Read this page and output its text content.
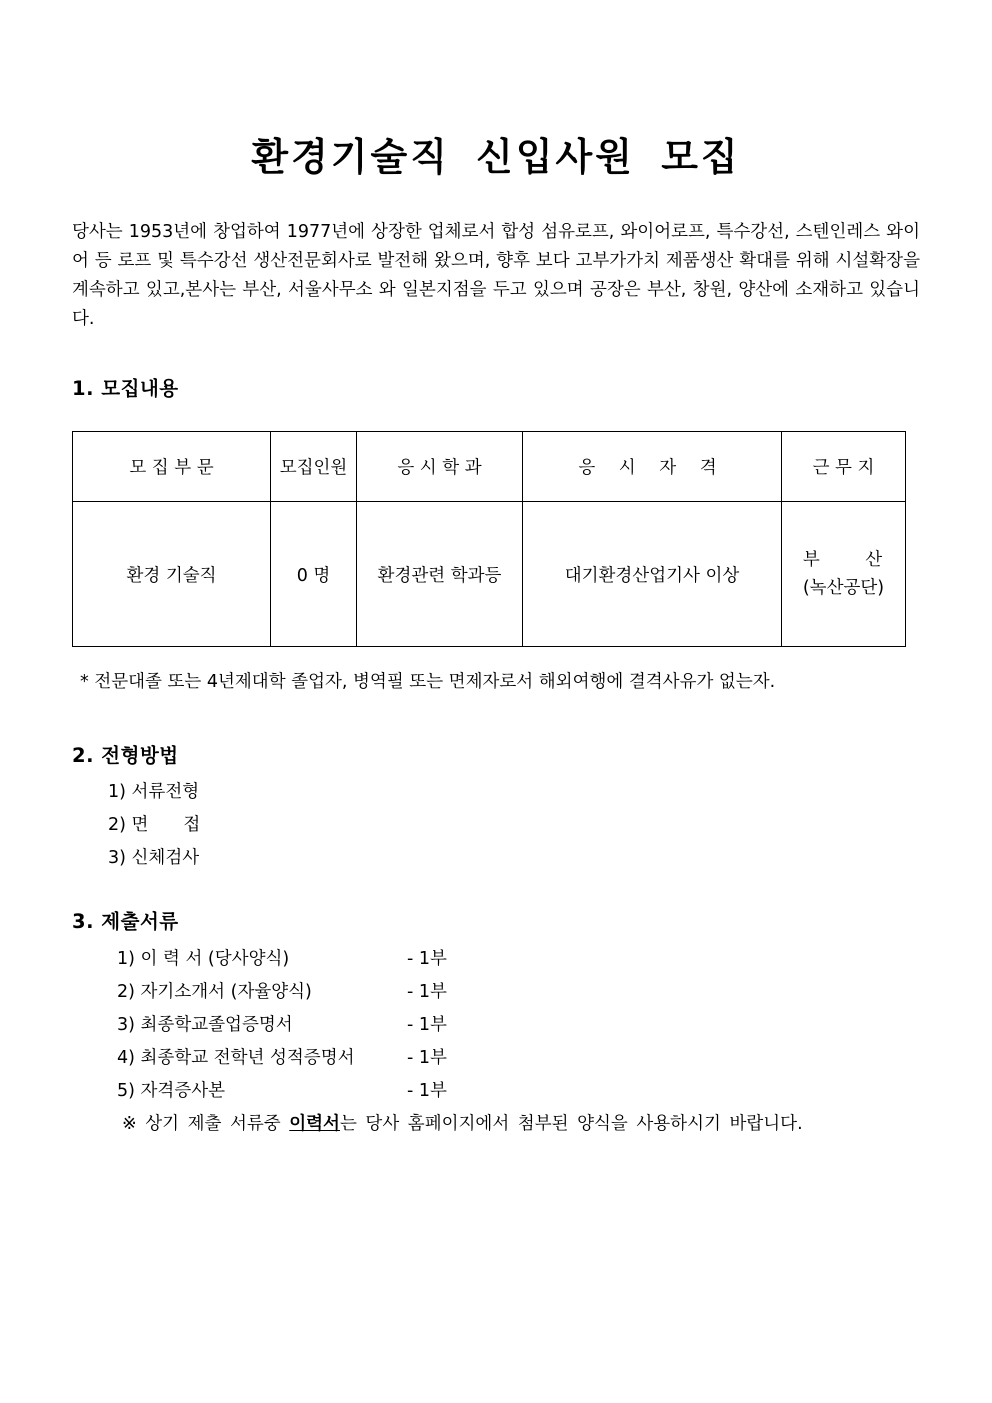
환경기술직 신입사원 모집

당사는 1953년에 창업하여 1977년에 상장한 업체로서 합성 섬유로프, 와이어로프, 특수강선, 스텐인레스 와이어 등 로프 및 특수강선 생산전문회사로 발전해 왔으며, 향후 보다 고부가가치 제품생산 확대를 위해 시설확장을 계속하고 있고,본사는 부산, 서울사무소 와 일본지점을 두고 있으며 공장은 부산, 창원, 양산에 소재하고 있습니다.

1. 모집내용
모 집 부 문	모집인원	응 시 학 과	응 시 자 격	근 무 지
환경 기술직	0 명	환경관련 학과등	대기환경산업기사 이상	부 산
(녹산공단)

* 전문대졸 또는 4년제대학 졸업자, 병역필 또는 면제자로서 해외여행에 결격사유가 없는자.

2. 전형방법
1) 서류전형
2) 면　　접
3) 신체검사
3. 제출서류
1) 이 력 서 (당사양식)	- 1부
2) 자기소개서 (자율양식)	- 1부
3) 최종학교졸업증명서	- 1부
4) 최종학교 전학년 성적증명서	- 1부
5) 자격증사본	- 1부

※ 상기 제출 서류중 이력서는 당사 홈페이지에서 첨부된 양식을 사용하시기 바랍니다.
